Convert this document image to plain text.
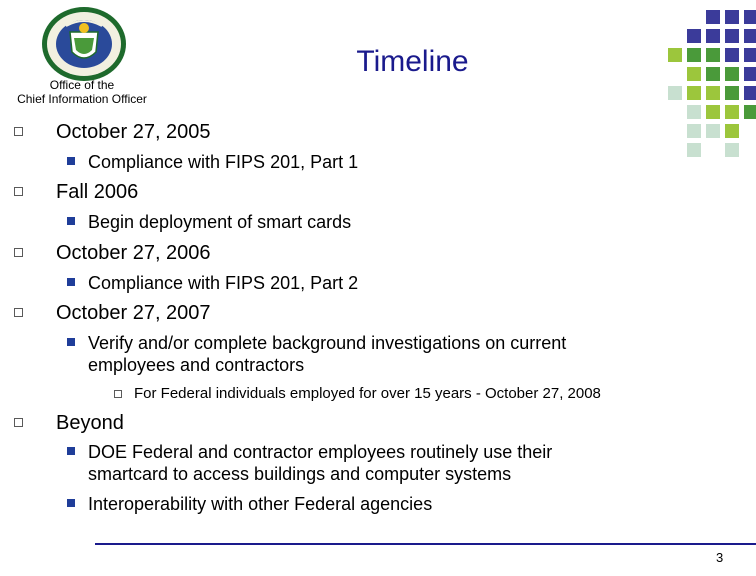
Office of the
Chief Information Officer
Timeline
October 27, 2005
Compliance with FIPS 201, Part 1
Fall 2006
Begin deployment of smart cards
October 27, 2006
Compliance with FIPS 201, Part 2
October 27, 2007
Verify and/or complete background investigations on current
employees and contractors
For Federal individuals employed for over 15 years - October 27, 2008
Beyond
DOE Federal and contractor employees routinely use their
smartcard to access buildings and computer systems
Interoperability with other Federal agencies
3
